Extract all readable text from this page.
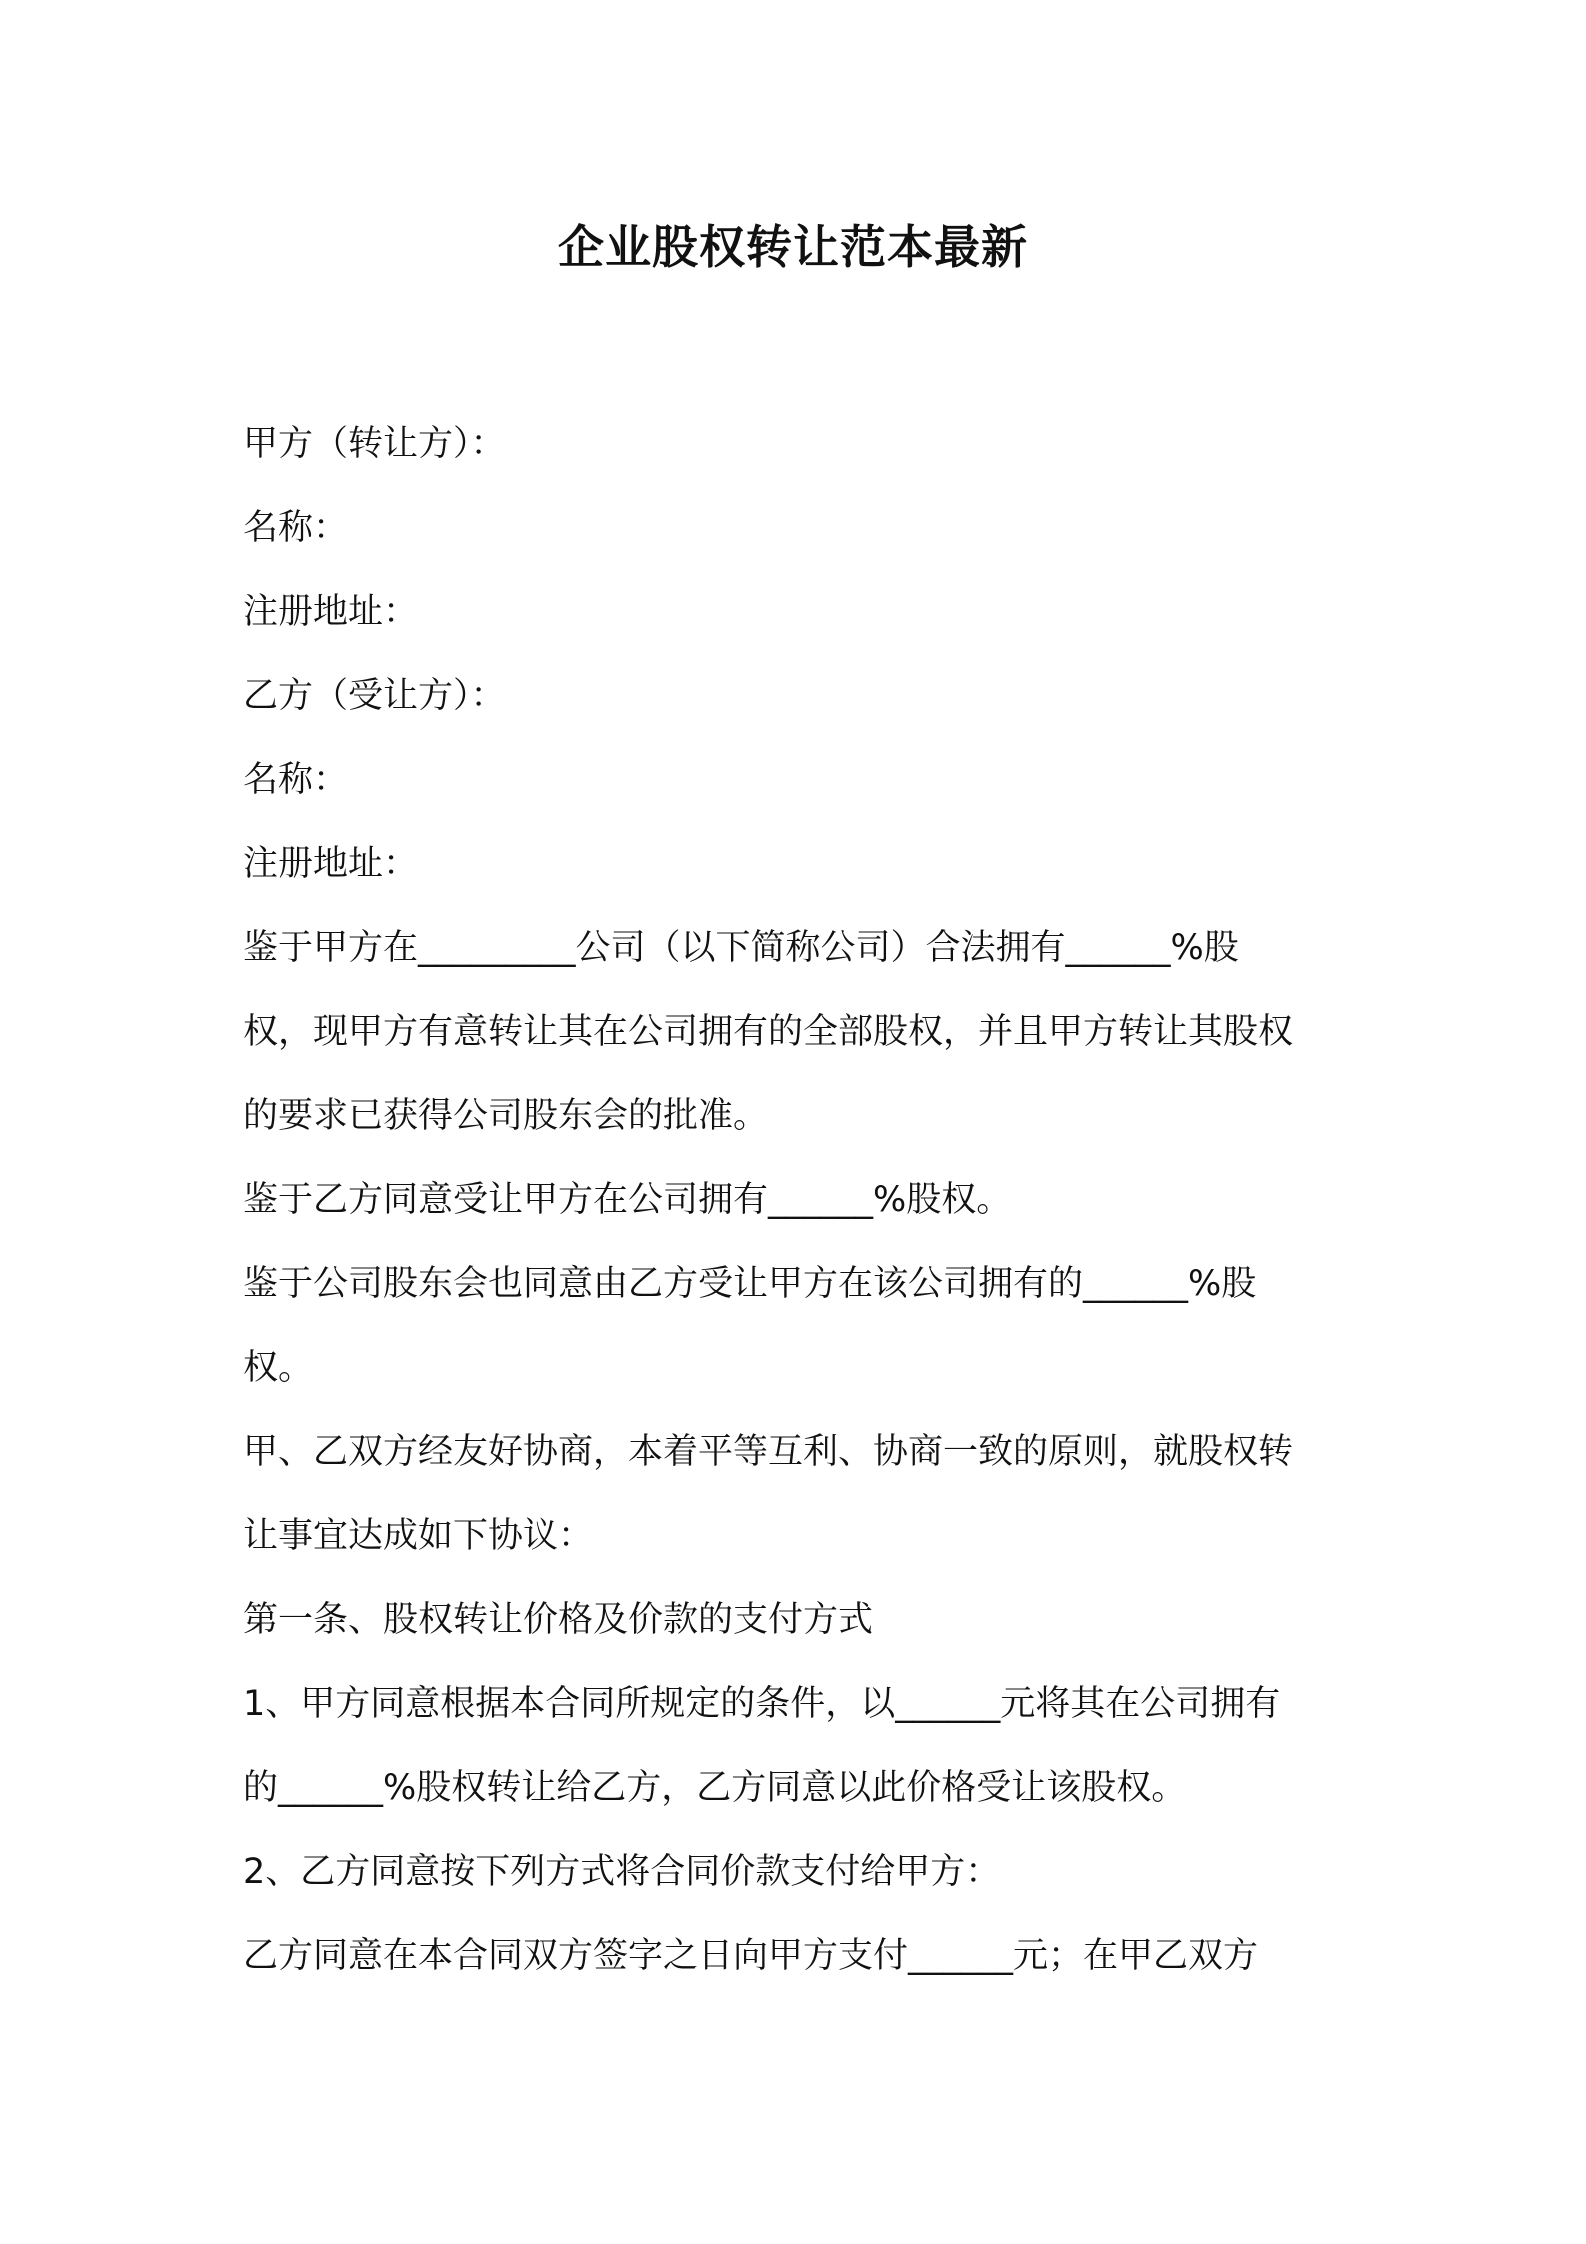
企业股权转让范本最新

甲方（转让方）：

名称：

注册地址：

乙方（受让方）：

名称：

注册地址：

鉴于甲方在_________公司（以下简称公司）合法拥有______%股

权，现甲方有意转让其在公司拥有的全部股权，并且甲方转让其股权

的要求已获得公司股东会的批准。

鉴于乙方同意受让甲方在公司拥有______%股权。

鉴于公司股东会也同意由乙方受让甲方在该公司拥有的______%股

权。

甲、乙双方经友好协商，本着平等互利、协商一致的原则，就股权转

让事宜达成如下协议：

第一条、股权转让价格及价款的支付方式

1、甲方同意根据本合同所规定的条件，以______元将其在公司拥有

的______%股权转让给乙方，乙方同意以此价格受让该股权。

2、乙方同意按下列方式将合同价款支付给甲方：

乙方同意在本合同双方签字之日向甲方支付______元；在甲乙双方
